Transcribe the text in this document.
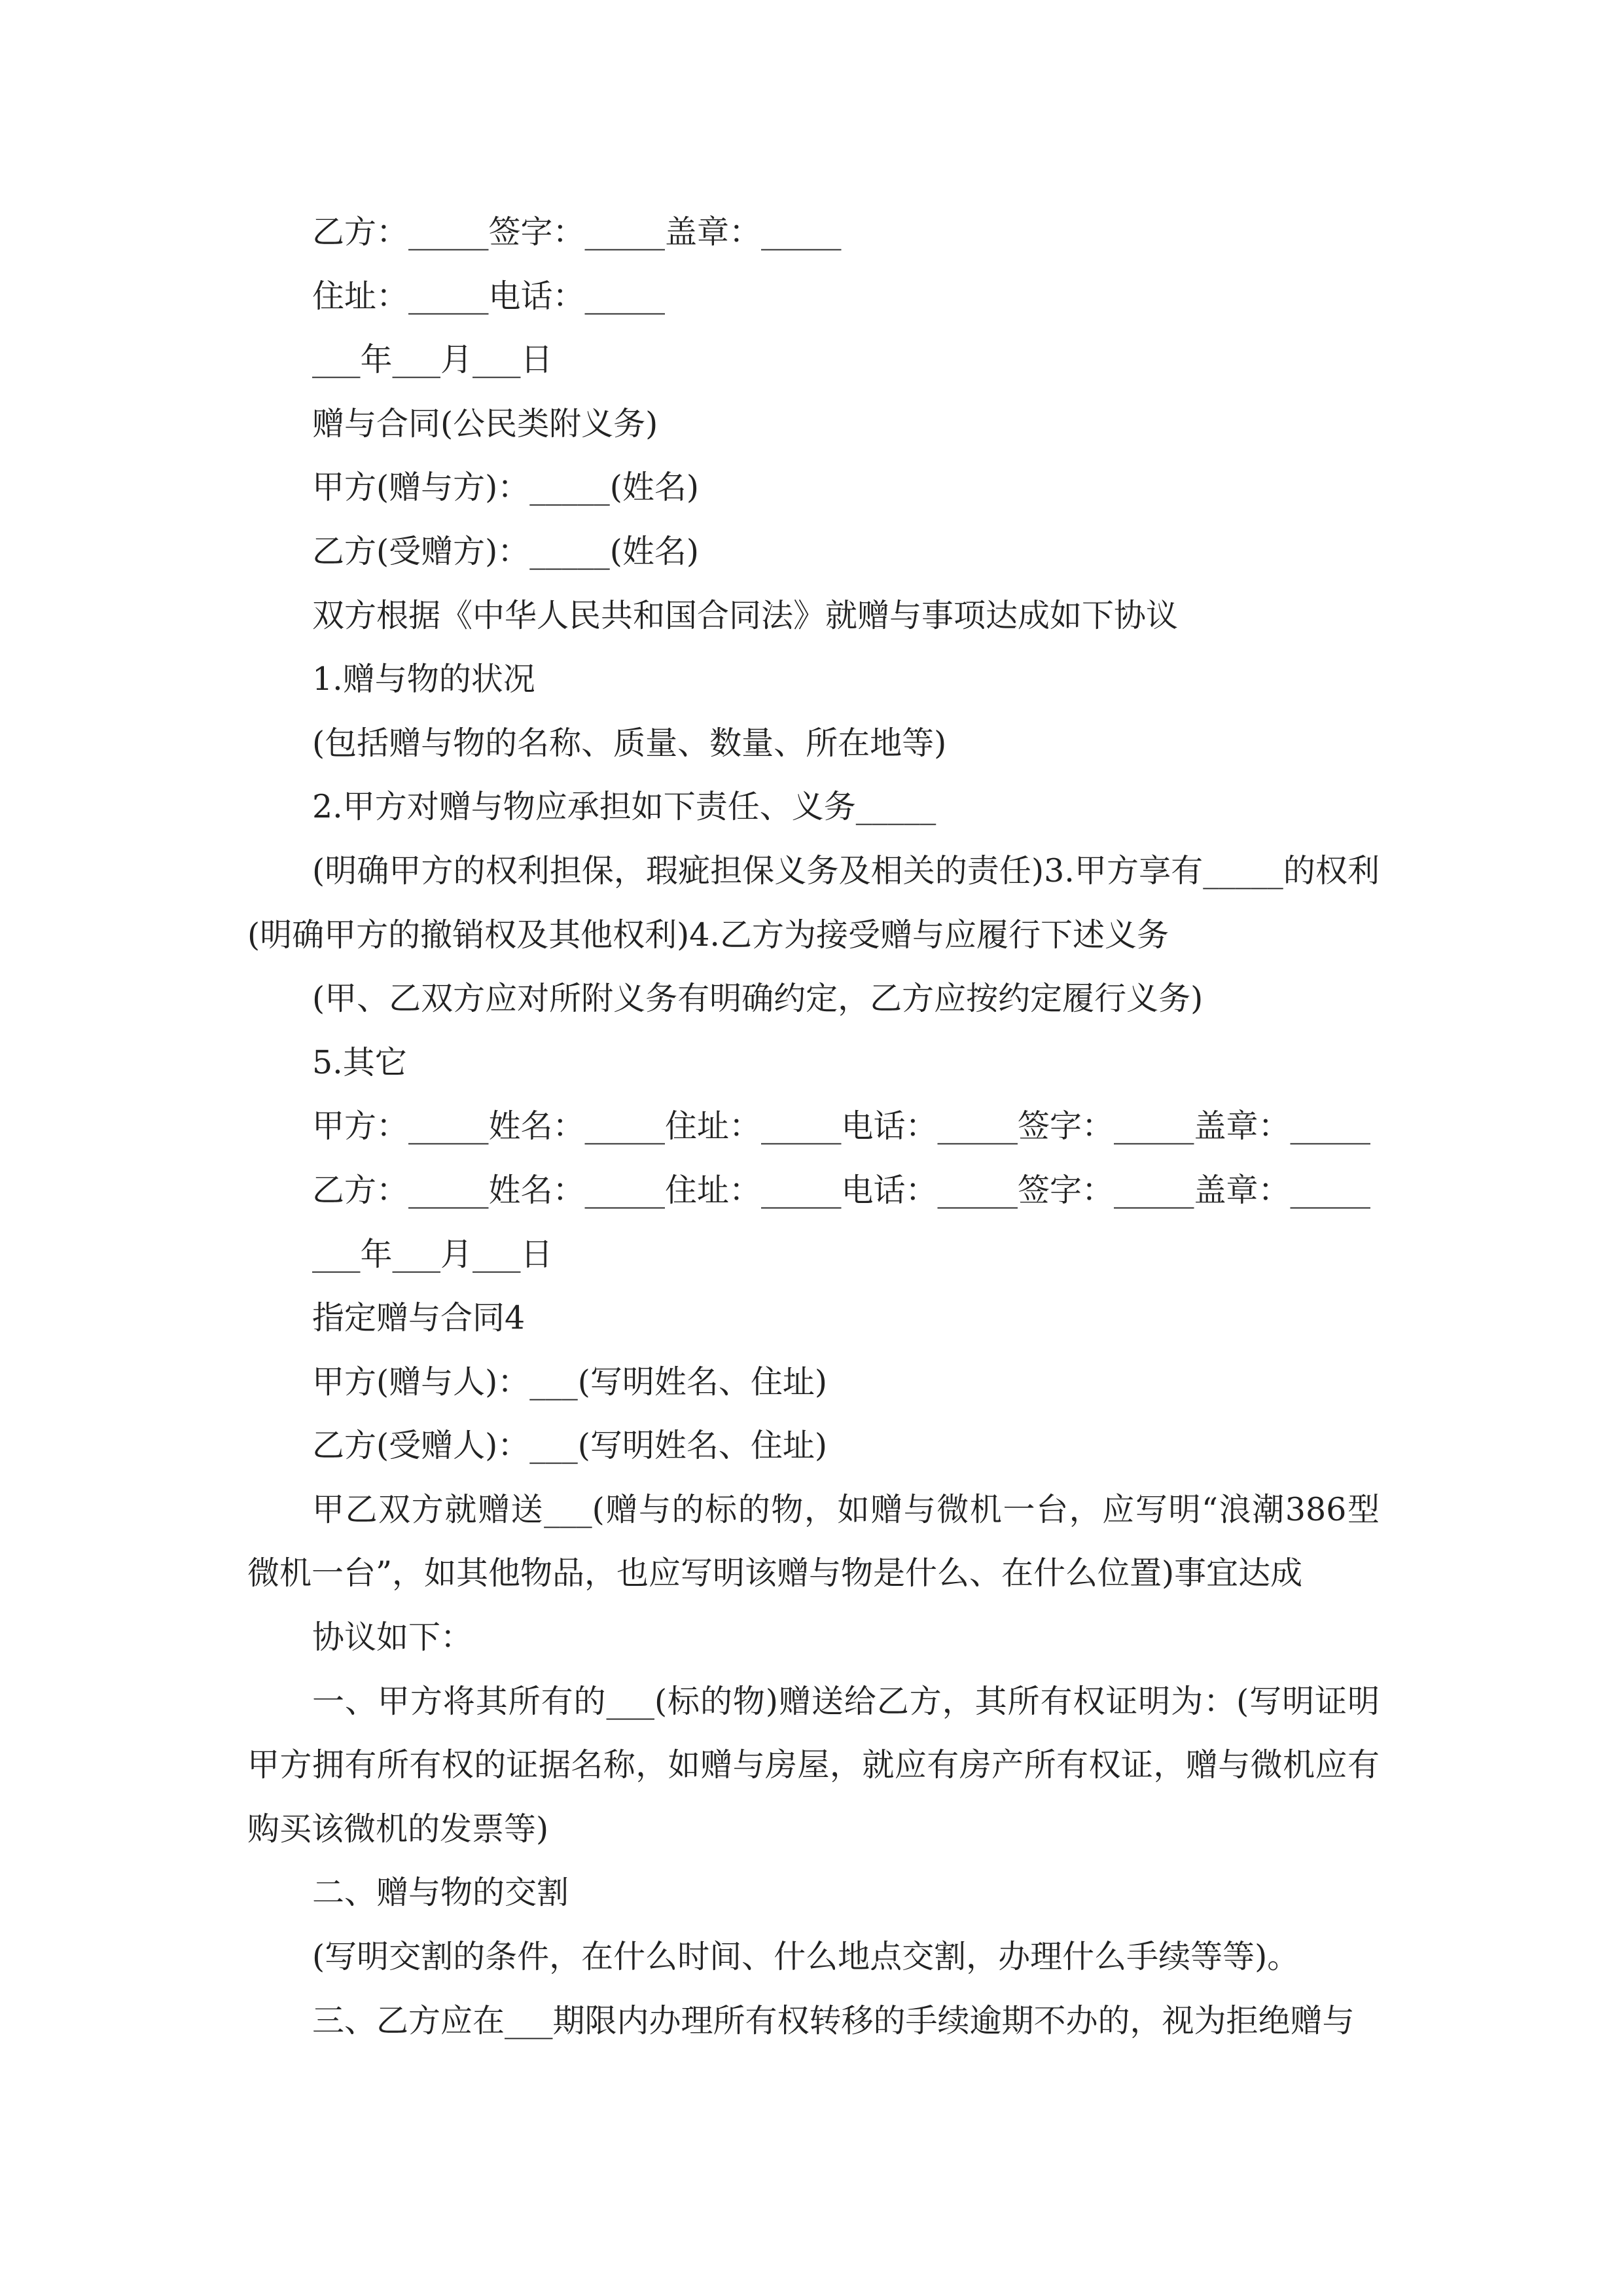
乙方：_____签字：_____盖章：_____

住址：_____电话：_____

___年___月___日

赠与合同(公民类附义务)

甲方(赠与方)：_____(姓名)

乙方(受赠方)：_____(姓名)

双方根据《中华人民共和国合同法》就赠与事项达成如下协议

1.赠与物的状况

(包括赠与物的名称、质量、数量、所在地等)

2.甲方对赠与物应承担如下责任、义务_____

(明确甲方的权利担保，瑕疵担保义务及相关的责任)3.甲方享有_____的权利(明确甲方的撤销权及其他权利)4.乙方为接受赠与应履行下述义务

(甲、乙双方应对所附义务有明确约定，乙方应按约定履行义务)

5.其它

甲方：_____姓名：_____住址：_____电话：_____签字：_____盖章：_____

乙方：_____姓名：_____住址：_____电话：_____签字：_____盖章：_____

___年___月___日

指定赠与合同4

甲方(赠与人)：___(写明姓名、住址)

乙方(受赠人)：___(写明姓名、住址)

甲乙双方就赠送___(赠与的标的物，如赠与微机一台，应写明“浪潮386型微机一台”，如其他物品，也应写明该赠与物是什么、在什么位置)事宜达成

协议如下：

一、甲方将其所有的___(标的物)赠送给乙方，其所有权证明为：(写明证明甲方拥有所有权的证据名称，如赠与房屋，就应有房产所有权证，赠与微机应有购买该微机的发票等)

二、赠与物的交割

(写明交割的条件，在什么时间、什么地点交割，办理什么手续等等)。

三、乙方应在___期限内办理所有权转移的手续逾期不办的，视为拒绝赠与
